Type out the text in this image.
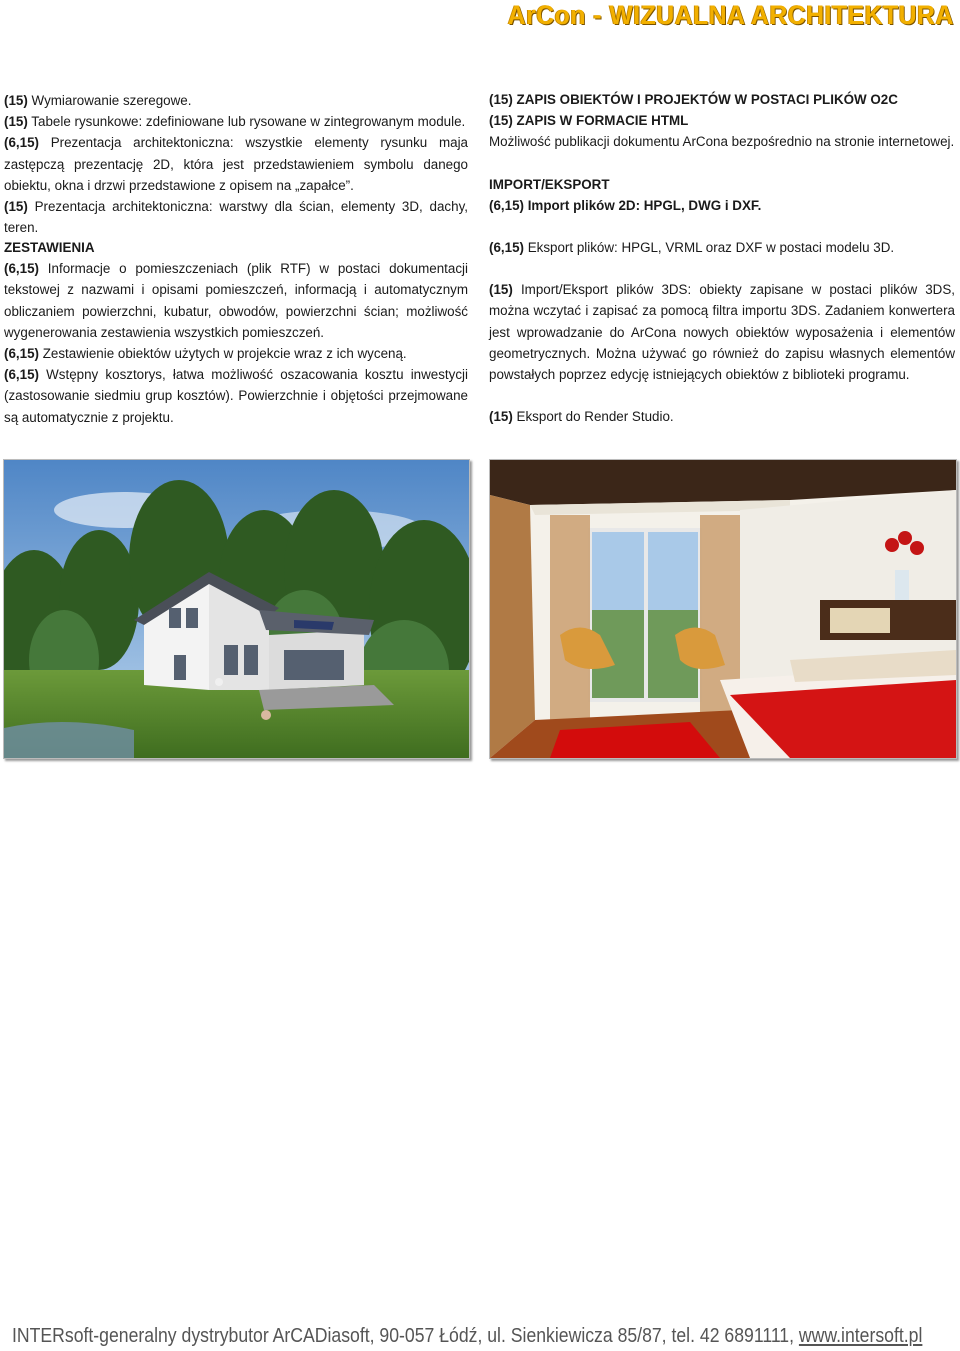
ArCon - WIZUALNA ARCHITEKTURA

(15) Wymiarowanie szeregowe.

(15) Tabele rysunkowe: zdefiniowane lub rysowane w zintegrowanym module.

(6,15) Prezentacja architektoniczna: wszystkie elementy rysunku maja zastępczą prezentację 2D, która jest przedstawieniem symbolu danego obiektu, okna i drzwi przedstawione z opisem na „zapałce”.

(15) Prezentacja architektoniczna: warstwy dla ścian, elementy 3D, dachy, teren.

ZESTAWIENIA

(6,15) Informacje o pomieszczeniach (plik RTF) w postaci dokumentacji tekstowej z nazwami i opisami pomieszczeń, informacją i automatycznym obliczaniem powierzchni, kubatur, obwodów, powierzchni ścian; możliwość wygenerowania zestawienia wszystkich pomieszczeń.

(6,15) Zestawienie obiektów użytych w projekcie wraz z ich wyceną.

(6,15) Wstępny kosztorys, łatwa możliwość oszacowania kosztu inwestycji (zastosowanie siedmiu grup kosztów). Powierzchnie i objętości przejmowane są automatycznie z projektu.

(15) ZAPIS OBIEKTÓW I PROJEKTÓW W POSTACI PLIKÓW O2C

(15) ZAPIS W FORMACIE HTML

Możliwość publikacji dokumentu ArCona bezpośrednio na stronie internetowej.

IMPORT/EKSPORT

(6,15) Import plików 2D: HPGL, DWG i DXF.

(6,15) Eksport plików: HPGL, VRML oraz DXF w postaci modelu 3D.

(15) Import/Eksport plików 3DS: obiekty zapisane w postaci plików 3DS, można wczytać i zapisać za pomocą filtra importu 3DS. Zadaniem konwertera jest wprowadzanie do ArCona nowych obiektów wyposażenia i elementów geometrycznych. Można używać go również do zapisu własnych elementów powstałych poprzez edycję istniejących obiektów z biblioteki programu.

(15) Eksport do Render Studio.

INTERsoft-generalny dystrybutor ArCADiasoft, 90-057 Łódź, ul. Sienkiewicza 85/87, tel. 42 6891111, www.intersoft.pl
